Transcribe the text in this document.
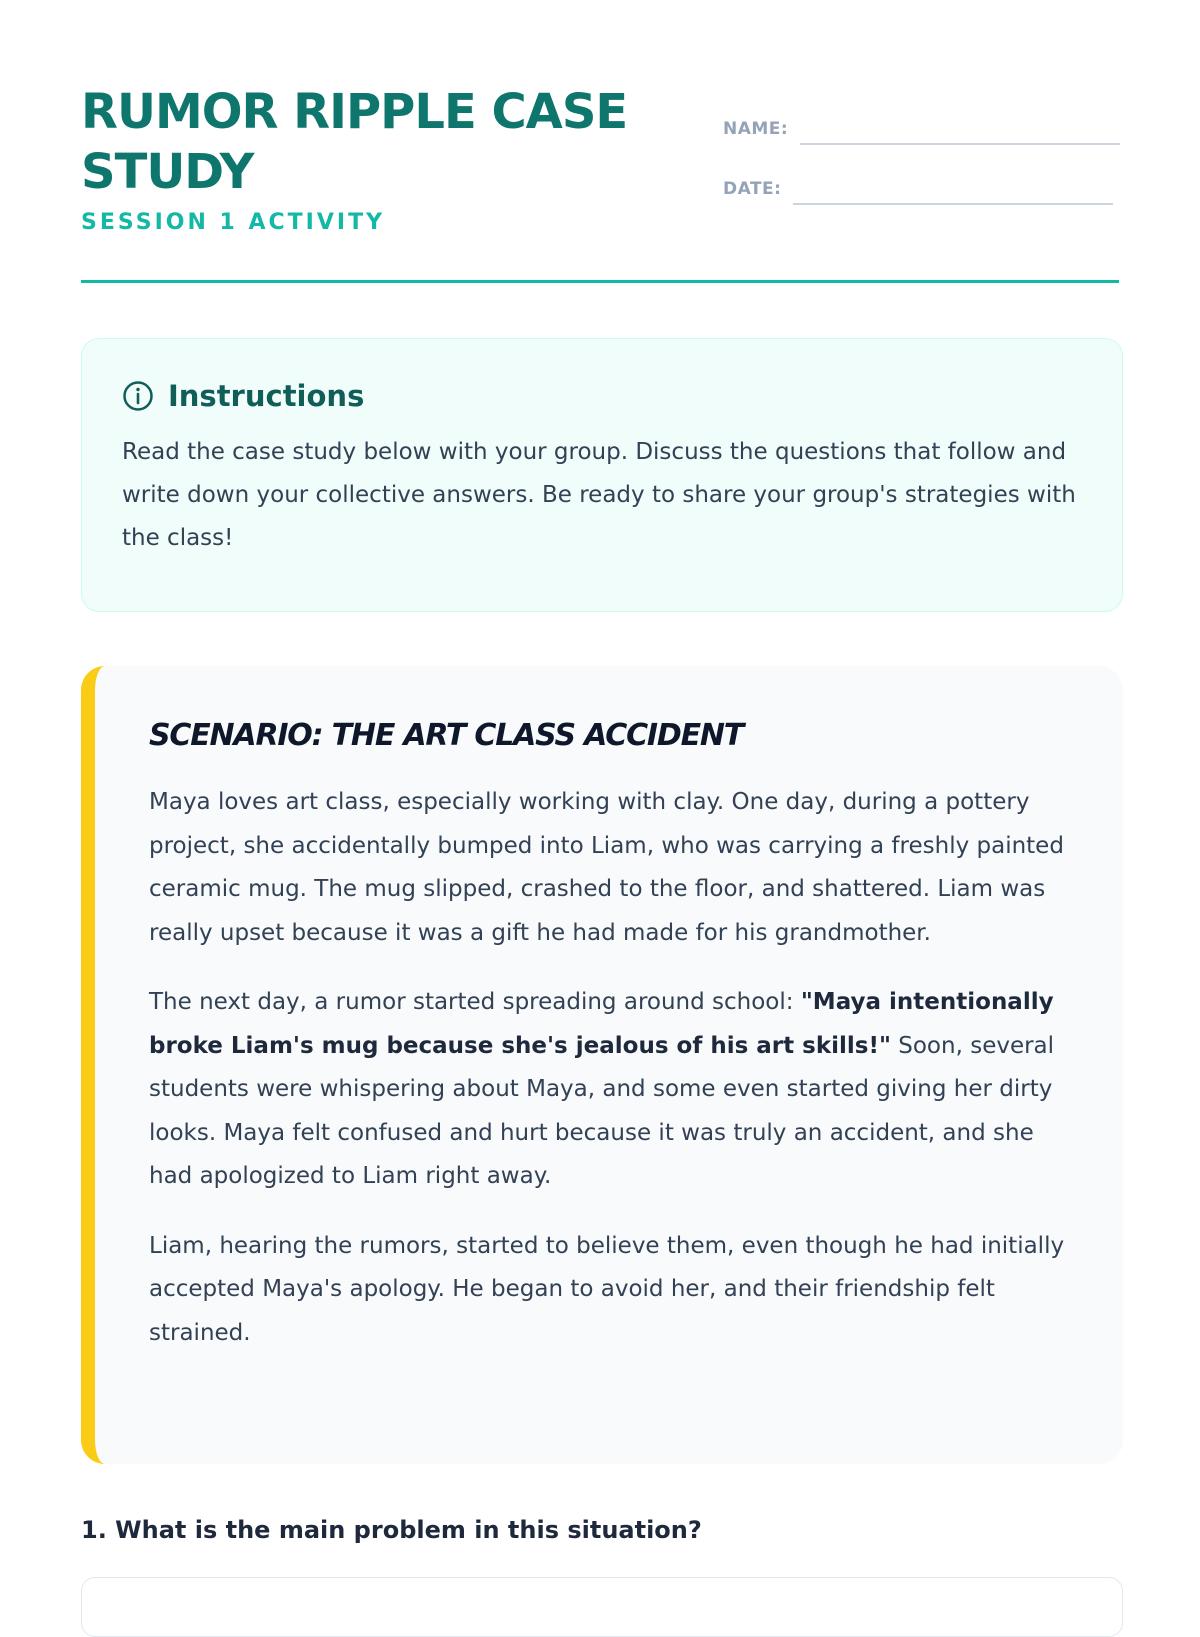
RUMOR RIPPLE CASE STUDY

SESSION 1 ACTIVITY

NAME:
DATE:
Instructions

Read the case study below with your group. Discuss the questions that follow and write down your collective answers. Be ready to share your group's strategies with the class!

SCENARIO: THE ART CLASS ACCIDENT

Maya loves art class, especially working with clay. One day, during a pottery project, she accidentally bumped into Liam, who was carrying a freshly painted ceramic mug. The mug slipped, crashed to the floor, and shattered. Liam was really upset because it was a gift he had made for his grandmother.

The next day, a rumor started spreading around school: "Maya intentionally broke Liam's mug because she's jealous of his art skills!" Soon, several students were whispering about Maya, and some even started giving her dirty looks. Maya felt confused and hurt because it was truly an accident, and she had apologized to Liam right away.

Liam, hearing the rumors, started to believe them, even though he had initially accepted Maya's apology. He began to avoid her, and their friendship felt strained.

1. What is the main problem in this situation?
